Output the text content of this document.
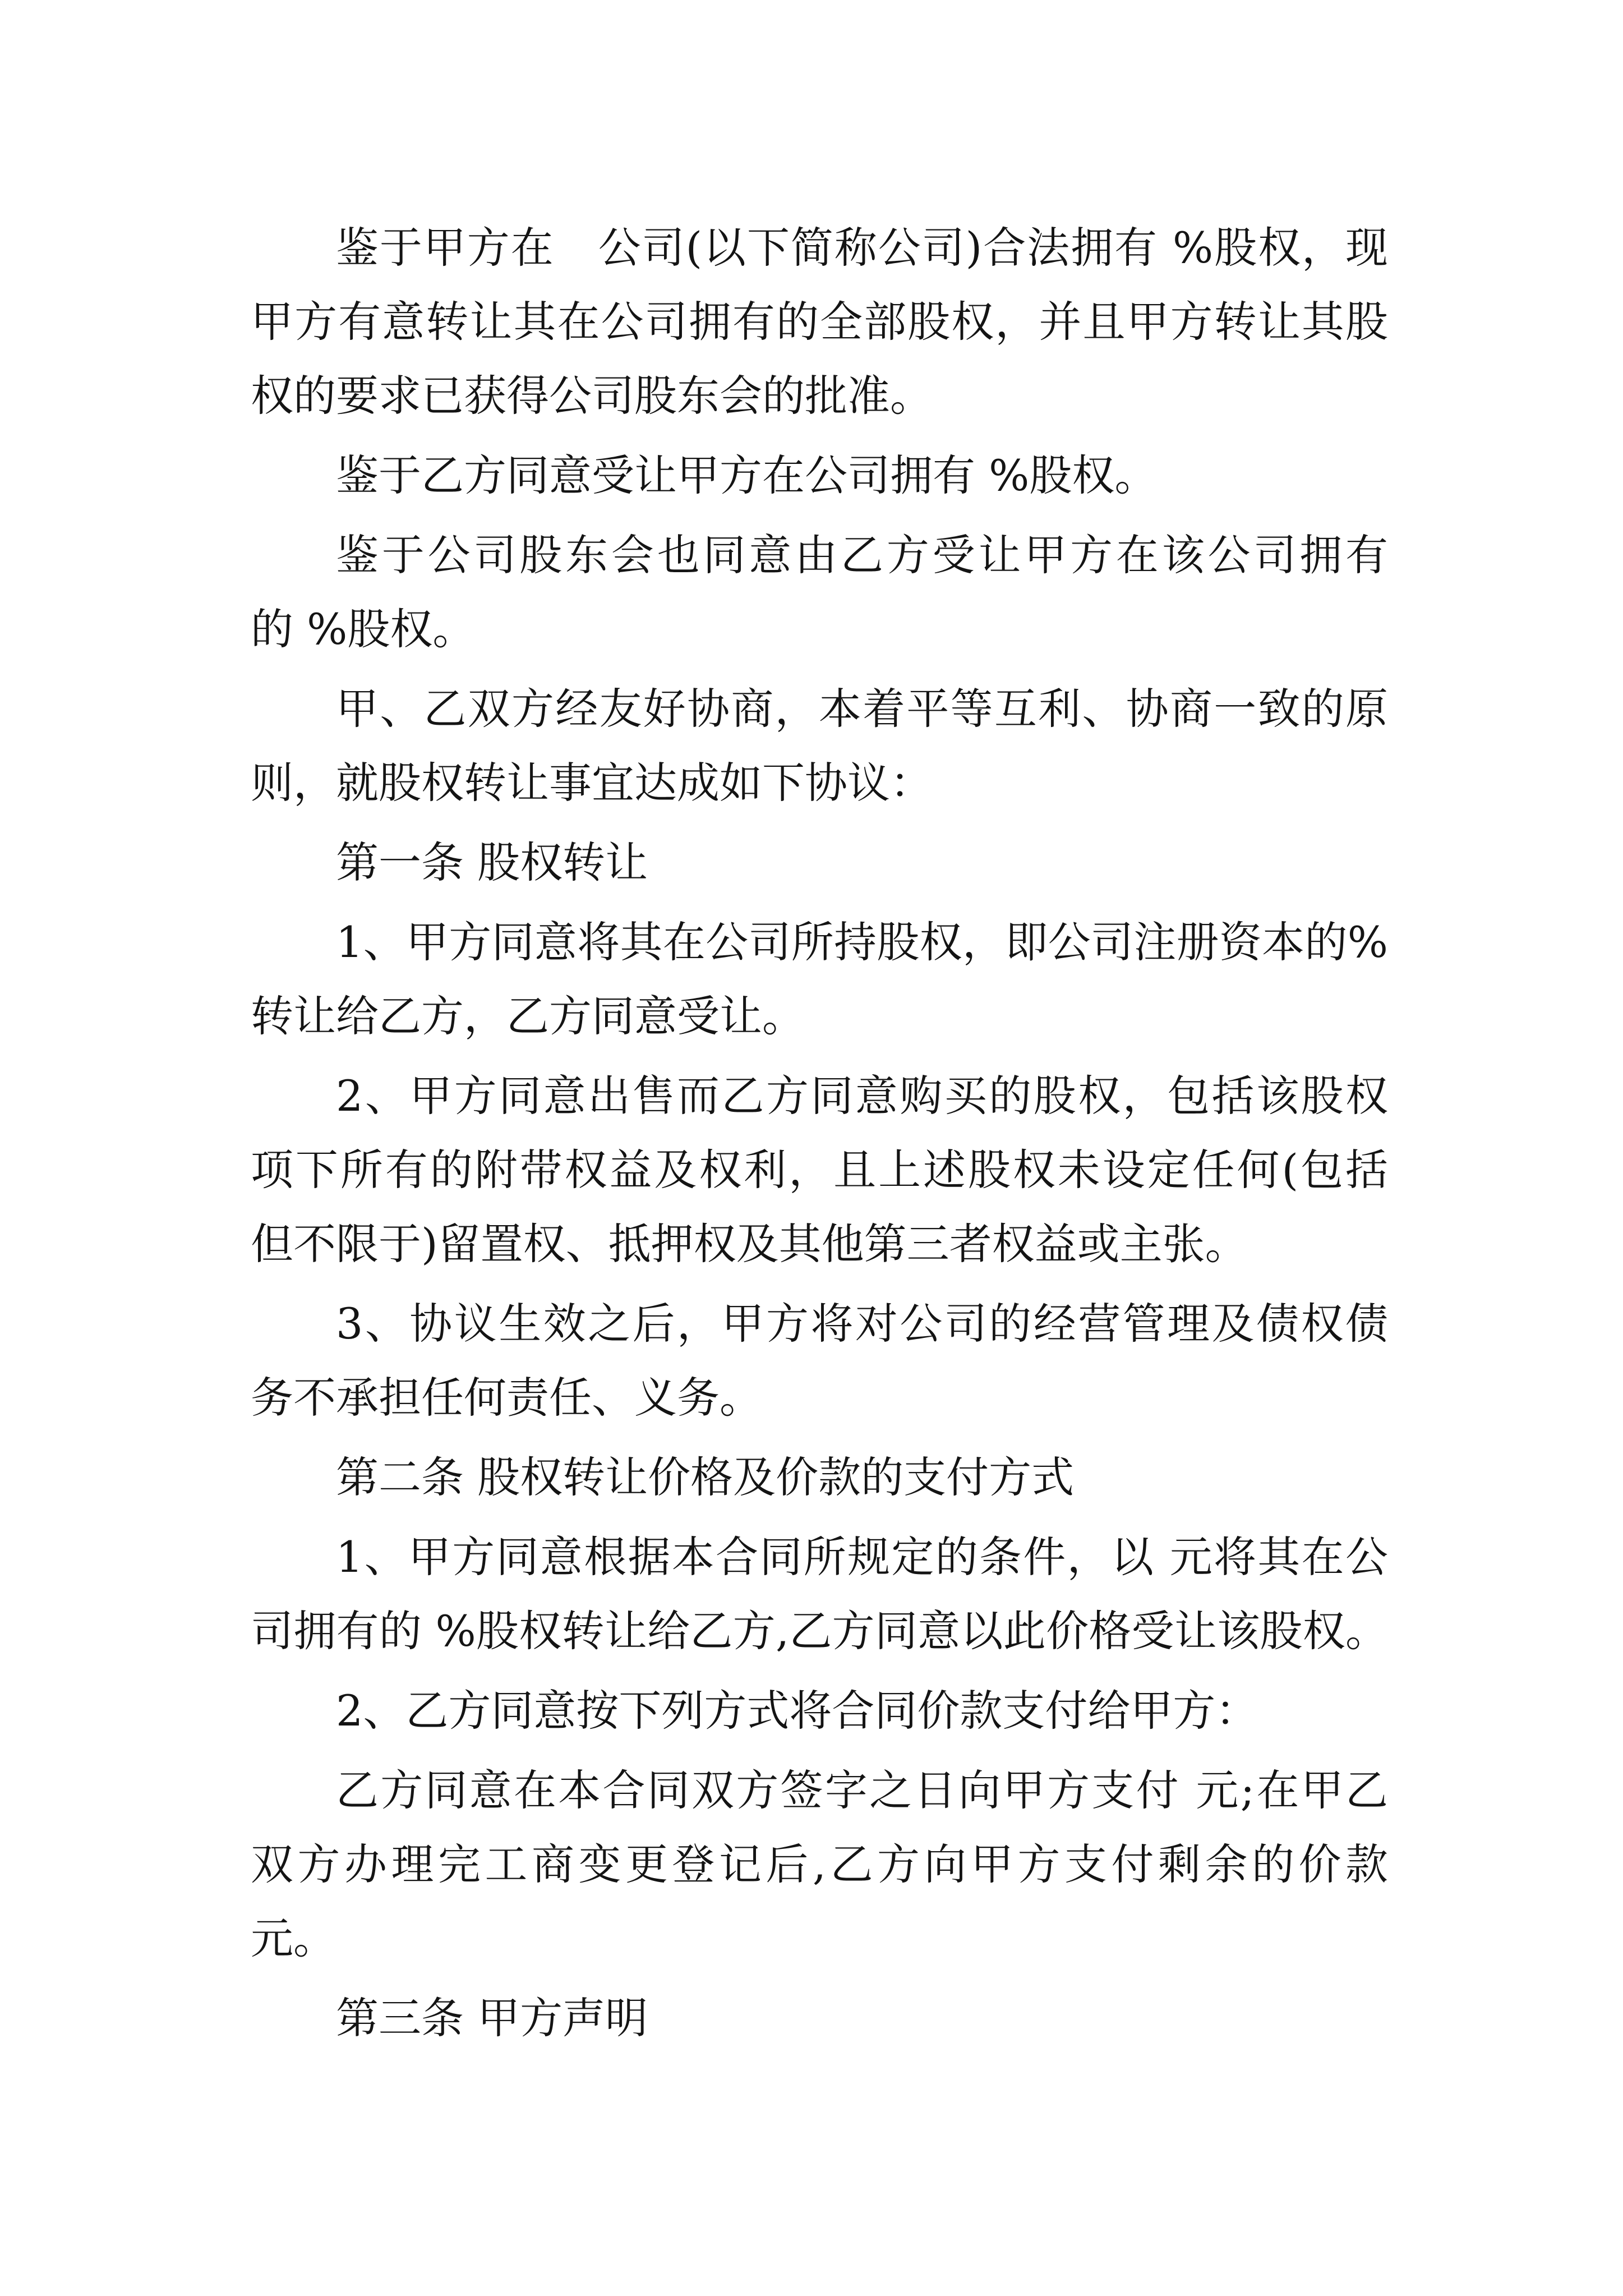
鉴于甲方在　公司(以下简称公司)合法拥有 %股权，现
甲方有意转让其在公司拥有的全部股权，并且甲方转让其股
权的要求已获得公司股东会的批准。
鉴于乙方同意受让甲方在公司拥有 %股权。
鉴于公司股东会也同意由乙方受让甲方在该公司拥有
的 %股权。
甲、乙双方经友好协商，本着平等互利、协商一致的原
则，就股权转让事宜达成如下协议：
第一条 股权转让
1、甲方同意将其在公司所持股权，即公司注册资本的%
转让给乙方，乙方同意受让。
2、甲方同意出售而乙方同意购买的股权，包括该股权
项下所有的附带权益及权利，且上述股权未设定任何(包括
但不限于)留置权、抵押权及其他第三者权益或主张。
3、协议生效之后，甲方将对公司的经营管理及债权债
务不承担任何责任、义务。
第二条 股权转让价格及价款的支付方式
1、甲方同意根据本合同所规定的条件，以 元将其在公
司拥有的 %股权转让给乙方,乙方同意以此价格受让该股权。
2、乙方同意按下列方式将合同价款支付给甲方：
乙方同意在本合同双方签字之日向甲方支付 元;在甲乙
双方办理完工商变更登记后,乙方向甲方支付剩余的价款
元。
第三条 甲方声明
